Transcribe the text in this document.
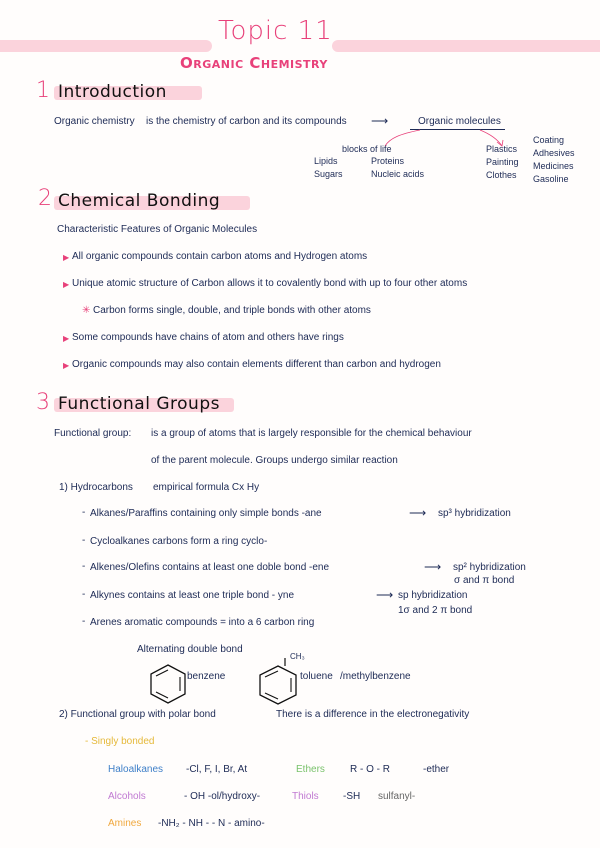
Topic 11
Organic Chemistry
1 Introduction
Organic chemistry is the chemistry of carbon and its compounds ⟶	Organic molecules
blocks of life
Lipids
Sugars
Proteins
Nucleic acids
Plastics
Painting
Clothes
Coating
Adhesives
Medicines
Gasoline
2 Chemical Bonding
Characteristic Features of Organic Molecules
▶ All organic compounds contain carbon atoms and Hydrogen atoms
▶ Unique atomic structure of Carbon allows it to covalently bond with up to four other atoms
✳ Carbon forms single, double, and triple bonds with other atoms
▶ Some compounds have chains of atom and others have rings
▶ Organic compounds may also contain elements different than carbon and hydrogen
3 Functional Groups
Functional group: is a group of atoms that is largely responsible for the chemical behaviour
of the parent molecule. Groups undergo similar reaction
1) Hydrocarbons empirical formula Cx Hy
- Alkanes/Paraffins containing only simple bonds -ane	⟶ sp³ hybridization
- Cycloalkanes carbons form a ring cyclo-
- Alkenes/Olefins contains at least one doble bond -ene	⟶ sp² hybridization
σ and π bond
- Alkynes contains at least one triple bond - yne	⟶ sp hybridization
1σ and 2 π bond
- Arenes aromatic compounds = into a 6 carbon ring
Alternating double bond
benzene
CH₃
toluene /methylbenzene
2) Functional group with polar bond	There is a difference in the electronegativity
- Singly bonded
Haloalkanes -Cl, F, I, Br, At	Ethers	R - O - R	-ether
Alcohols	- OH -ol/hydroxy-	Thiols -SH sulfanyl-
Amines -NH₂ - NH - - N - amino-
